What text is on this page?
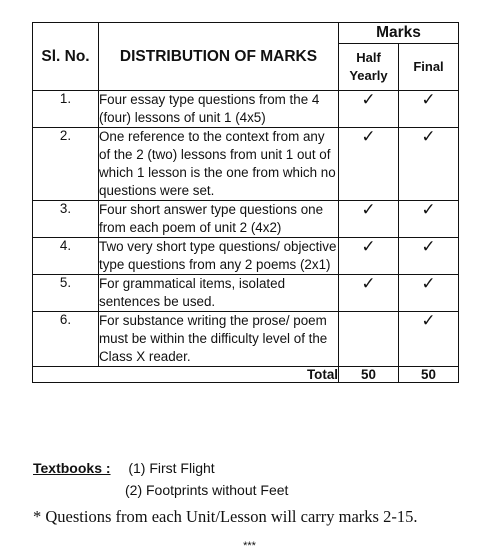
Sl. No.	DISTRIBUTION OF MARKS	Marks	
		Half Yearly	Final
1.	Four essay type questions from the 4 (four) lessons of unit 1 (4x5)	✓	✓
2.	One reference to the context from any of the 2 (two) lessons from unit 1 out of which 1 lesson is the one from which no questions were set.	✓	✓
3.	Four short answer type questions one from each poem of unit 2 (4x2)	✓	✓
4.	Two very short type questions/ objective type questions from any 2 poems (2x1)	✓	✓
5.	For grammatical items, isolated sentences be used.	✓	✓
6.	For substance writing the prose/ poem must be within the difficulty level of the Class X reader.		✓
Total		50	50
Textbooks : (1) First Flight
(2) Footprints without Feet
* Questions from each Unit/Lesson will carry marks 2-15.
***
